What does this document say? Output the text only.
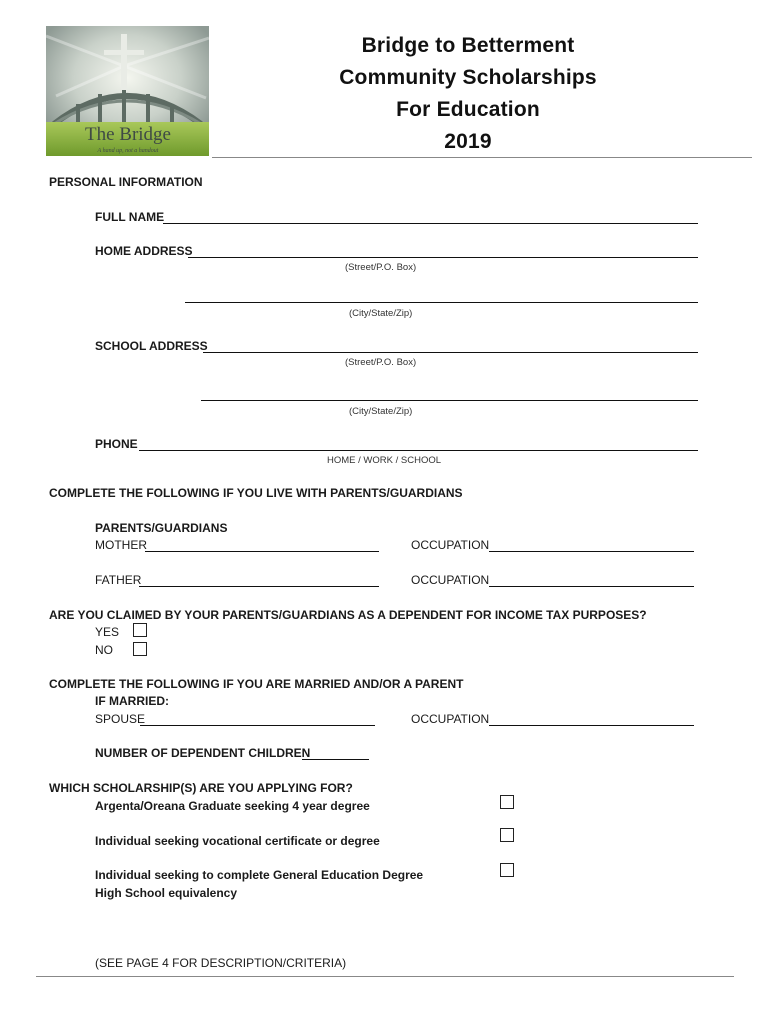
The Bridge
A hand up, not a handout
Bridge to Betterment
Community Scholarships
For Education
2019
PERSONAL INFORMATION
FULL NAME
HOME ADDRESS
(Street/P.O. Box)
(City/State/Zip)
SCHOOL ADDRESS
(Street/P.O. Box)
(City/State/Zip)
PHONE
HOME / WORK / SCHOOL
COMPLETE THE FOLLOWING IF YOU LIVE WITH PARENTS/GUARDIANS
PARENTS/GUARDIANS
MOTHER	OCCUPATION
FATHER	OCCUPATION
ARE YOU CLAIMED BY YOUR PARENTS/GUARDIANS AS A DEPENDENT FOR INCOME TAX PURPOSES?
YES
NO
COMPLETE THE FOLLOWING IF YOU ARE MARRIED AND/OR A PARENT
IF MARRIED:
SPOUSE	OCCUPATION
NUMBER OF DEPENDENT CHILDREN
WHICH SCHOLARSHIP(S) ARE YOU APPLYING FOR?
Argenta/Oreana Graduate seeking 4 year degree
Individual seeking vocational certificate or degree
Individual seeking to complete General Education Degree
High School equivalency
(SEE PAGE 4 FOR DESCRIPTION/CRITERIA)
